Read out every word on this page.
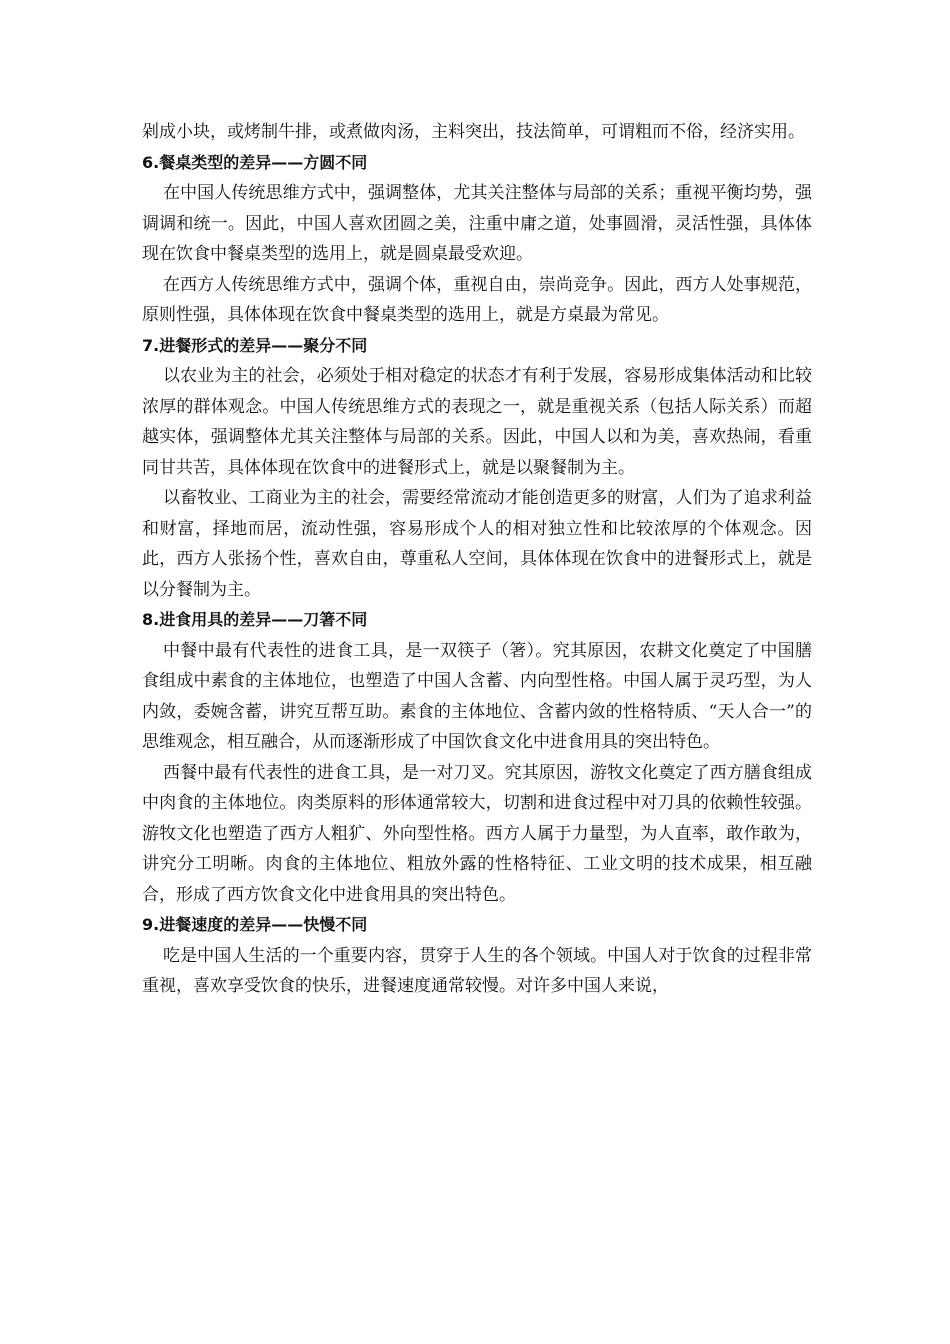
剁成小块，或烤制牛排，或煮做肉汤，主料突出，技法简单，可谓粗而不俗，经济实用。

6.餐桌类型的差异——方圆不同

在中国人传统思维方式中，强调整体，尤其关注整体与局部的关系；重视平衡均势，强调调和统一。因此，中国人喜欢团圆之美，注重中庸之道，处事圆滑，灵活性强，具体体现在饮食中餐桌类型的选用上，就是圆桌最受欢迎。

在西方人传统思维方式中，强调个体，重视自由，崇尚竞争。因此，西方人处事规范，原则性强，具体体现在饮食中餐桌类型的选用上，就是方桌最为常见。

7.进餐形式的差异——聚分不同

以农业为主的社会，必须处于相对稳定的状态才有利于发展，容易形成集体活动和比较浓厚的群体观念。中国人传统思维方式的表现之一，就是重视关系（包括人际关系）而超越实体，强调整体尤其关注整体与局部的关系。因此，中国人以和为美，喜欢热闹，看重同甘共苦，具体体现在饮食中的进餐形式上，就是以聚餐制为主。

以畜牧业、工商业为主的社会，需要经常流动才能创造更多的财富，人们为了追求利益和财富，择地而居，流动性强，容易形成个人的相对独立性和比较浓厚的个体观念。因此，西方人张扬个性，喜欢自由，尊重私人空间，具体体现在饮食中的进餐形式上，就是以分餐制为主。

8.进食用具的差异——刀箸不同

中餐中最有代表性的进食工具，是一双筷子（箸）。究其原因，农耕文化奠定了中国膳食组成中素食的主体地位，也塑造了中国人含蓄、内向型性格。中国人属于灵巧型，为人内敛，委婉含蓄，讲究互帮互助。素食的主体地位、含蓄内敛的性格特质、“天人合一”的思维观念，相互融合，从而逐渐形成了中国饮食文化中进食用具的突出特色。

西餐中最有代表性的进食工具，是一对刀叉。究其原因，游牧文化奠定了西方膳食组成中肉食的主体地位。肉类原料的形体通常较大，切割和进食过程中对刀具的依赖性较强。游牧文化也塑造了西方人粗犷、外向型性格。西方人属于力量型，为人直率，敢作敢为，讲究分工明晰。肉食的主体地位、粗放外露的性格特征、工业文明的技术成果，相互融合，形成了西方饮食文化中进食用具的突出特色。

9.进餐速度的差异——快慢不同

吃是中国人生活的一个重要内容，贯穿于人生的各个领域。中国人对于饮食的过程非常重视，喜欢享受饮食的快乐，进餐速度通常较慢。对许多中国人来说，
